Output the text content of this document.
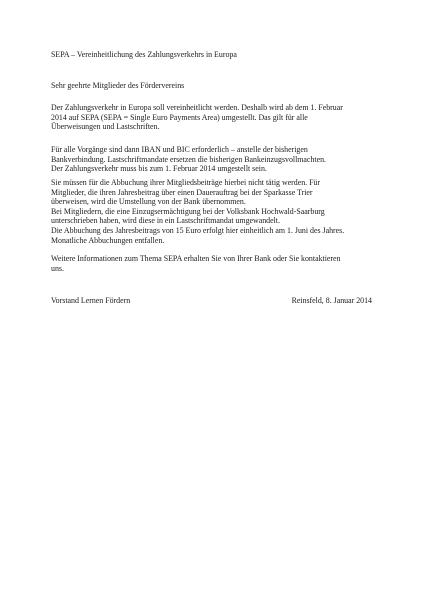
SEPA – Vereinheitlichung des Zahlungsverkehrs in Europa
Sehr geehrte Mitglieder des Fördervereins
Der Zahlungsverkehr in Europa soll vereinheitlicht werden. Deshalb wird ab dem 1. Februar
2014 auf SEPA (SEPA = Single Euro Payments Area) umgestellt. Das gilt für alle
Überweisungen und Lastschriften.
Für alle Vorgänge sind dann IBAN und BIC erforderlich – anstelle der bisherigen
Bankverbindung. Lastschriftmandate ersetzen die bisherigen Bankeinzugsvollmachten.
Der Zahlungsverkehr muss bis zum 1. Februar 2014 umgestellt sein.
Sie müssen für die Abbuchung ihrer Mitgliedsbeiträge hierbei nicht tätig werden. Für
Mitglieder, die ihren Jahresbeitrag über einen Dauerauftrag bei der Sparkasse Trier
überweisen, wird die Umstellung von der Bank übernommen.
Bei Mitgliedern, die eine Einzugsermächtigung bei der Volksbank Hochwald-Saarburg
unterschrieben haben, wird diese in ein Lastschriftmandat umgewandelt.
Die Abbuchung des Jahresbeitrags von 15 Euro erfolgt hier einheitlich am 1. Juni des Jahres.
Monatliche Abbuchungen entfallen.
Weitere Informationen zum Thema SEPA erhalten Sie von Ihrer Bank oder Sie kontaktieren
uns.
Vorstand Lernen Fördern	Reinsfeld, 8. Januar 2014
